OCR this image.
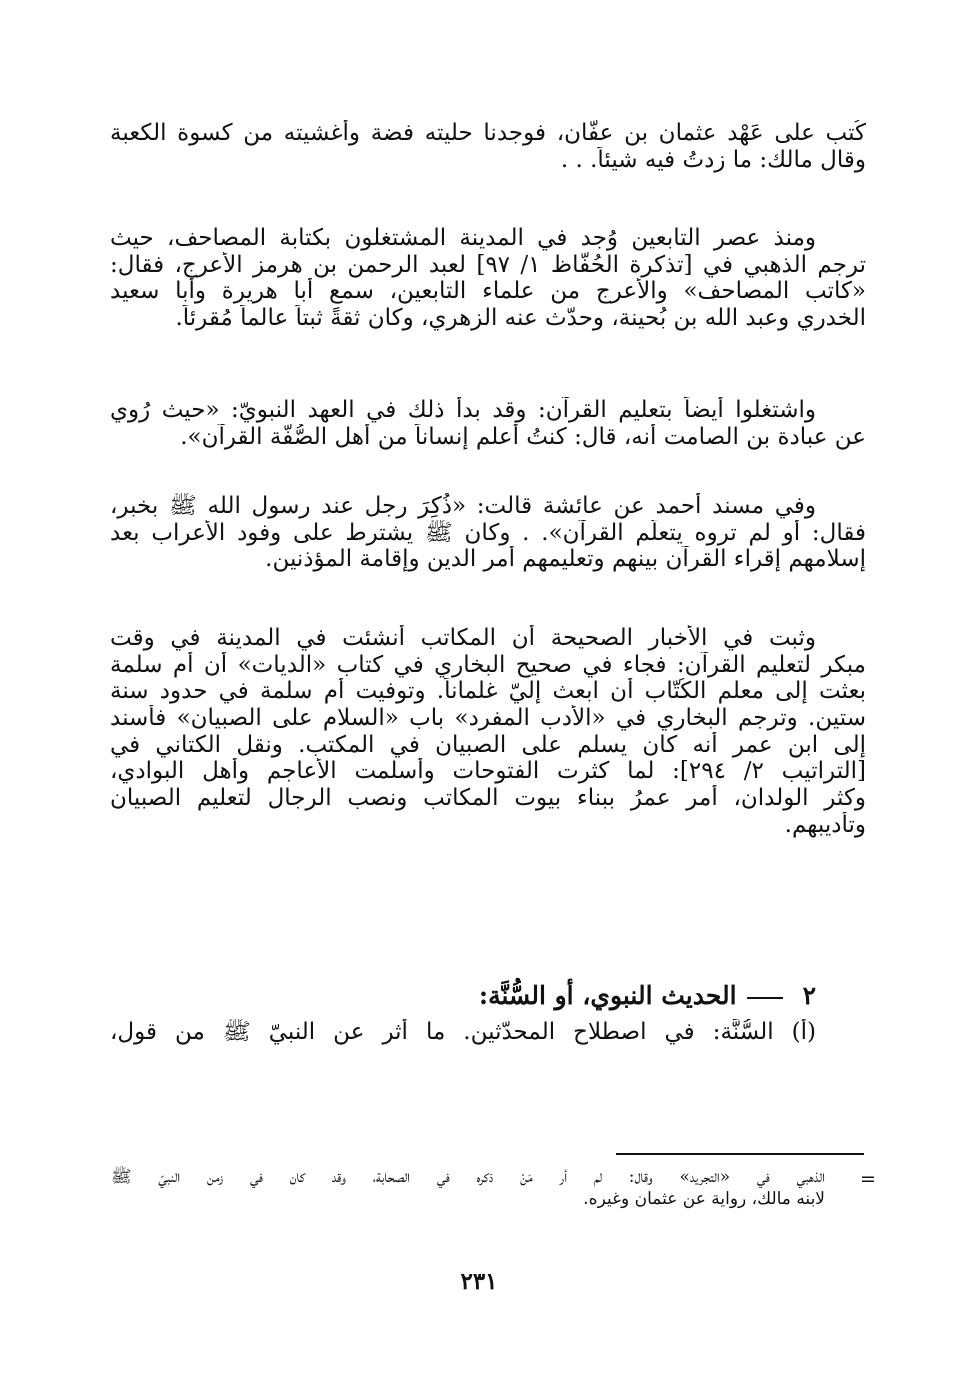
كُتب على عَهْد عثمان بن عفّان، فوجدنا حليته فضة وأغشيته من كسوة الكعبة
وقال مالك: ما زدتُ فيه شيئاً. . .
ومنذ عصر التابعين وُجد في المدينة المشتغلون بكتابة المصاحف، حيث
ترجم الذهبي في [تذكرة الحُفّاظ ١/ ٩٧] لعبد الرحمن بن هرمز الأعرج، فقال:
«كاتب المصاحف» والأعرج من علماء التابعين، سمع أبا هريرة وأبا سعيد
الخدري وعبد الله بن بُحينة، وحدّث عنه الزهري، وكان ثقةً ثبتاً عالماً مُقرئاً.
واشتغلوا أيضاً بتعليم القرآن: وقد بدأ ذلك في العهد النبويّ: «حيث رُوي
عن عبادة بن الصامت أنه، قال: كنتُ أُعلم إنساناً من أهل الصُّفَّة القرآن».
وفي مسند أحمد عن عائشة قالت: «ذُكِرَ رجل عند رسول الله ﷺ بخبر،
فقال: أو لم تروه يتعلّم القرآن». . وكان ﷺ يشترط على وفود الأعراب بعد
إسلامهم إقراء القرآن بينهم وتعليمهم أمر الدين وإقامة المؤذنين.
وثبت في الأخبار الصحيحة أن المكاتب أنشئت في المدينة في وقت
مبكر لتعليم القرآن: فجاء في صحيح البخاري في كتاب «الديات» أن أم سلمة
بعثت إلى معلم الكُتّاب أن ابعث إليّ غلماناً. وتوفيت أم سلمة في حدود سنة
ستين. وترجم البخاري في «الأدب المفرد» باب «السلام على الصبيان» فأسند
إلى ابن عمر أنه كان يسلم على الصبيان في المكتب. ونقل الكتاني في
[التراتيب ٢/ ٢٩٤]: لما كثرت الفتوحات وأسلمت الأعاجم وأهل البوادي،
وكثر الولدان، أمر عمرُ ببناء بيوت المكاتب ونصب الرجال لتعليم الصبيان
وتأديبهم.
٢الحديث النبوي، أو السُّنَّة:
(أ) السُّنَّة: في اصطلاح المحدّثين. ما أُثر عن النبيّ ﷺ من قول،
=
الذهبي في «التجريد» وقال: لم أر مَنْ ذكره في الصحابة، وقد كان في زمن النبيّ ﷺ
لابنه مالك، رواية عن عثمان وغيره.
٢٣١
